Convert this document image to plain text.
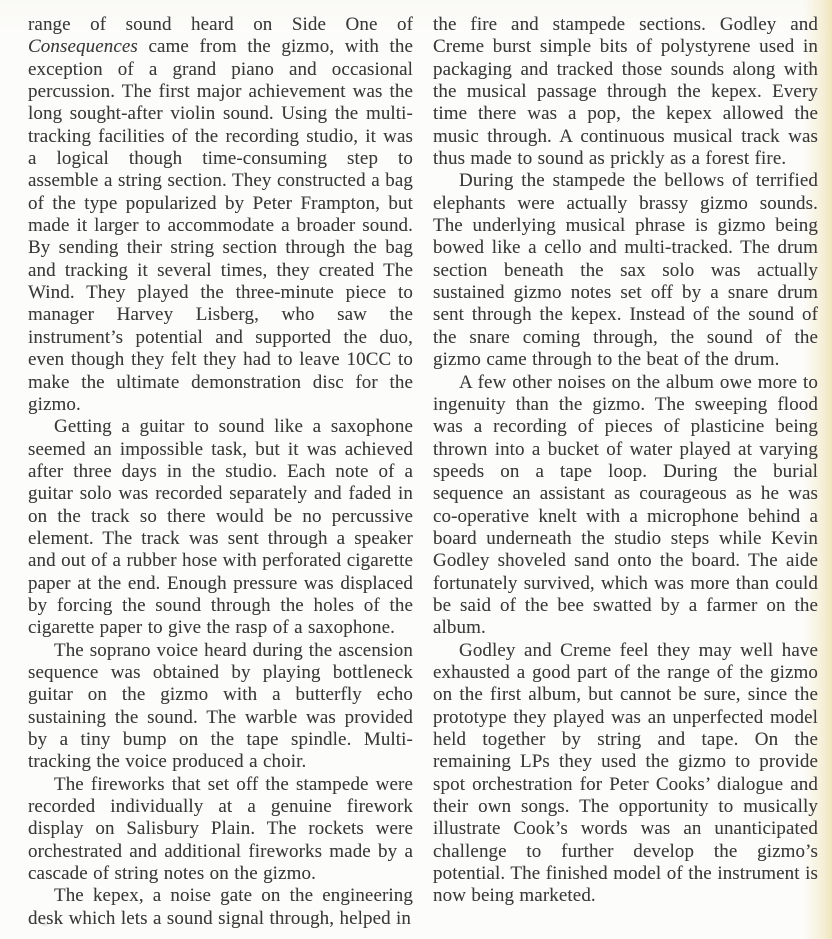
range of sound heard on Side One of Consequences came from the gizmo, with the exception of a grand piano and occasional percussion. The first major achievement was the long sought-after violin sound. Using the multi-tracking facilities of the recording studio, it was a logical though time-consuming step to assemble a string section. They constructed a bag of the type popularized by Peter Frampton, but made it larger to accommodate a broader sound. By sending their string section through the bag and tracking it several times, they created The Wind. They played the three-minute piece to manager Harvey Lisberg, who saw the instrument’s potential and supported the duo, even though they felt they had to leave 10CC to make the ultimate demonstration disc for the gizmo.

Getting a guitar to sound like a saxophone seemed an impossible task, but it was achieved after three days in the studio. Each note of a guitar solo was recorded separately and faded in on the track so there would be no percussive element. The track was sent through a speaker and out of a rubber hose with perforated cigarette paper at the end. Enough pressure was displaced by forcing the sound through the holes of the cigarette paper to give the rasp of a saxophone.

The soprano voice heard during the ascension sequence was obtained by playing bottleneck guitar on the gizmo with a butterfly echo sustaining the sound. The warble was provided by a tiny bump on the tape spindle. Multi-tracking the voice produced a choir.

The fireworks that set off the stampede were recorded individually at a genuine firework display on Salisbury Plain. The rockets were orchestrated and additional fireworks made by a cascade of string notes on the gizmo.

The kepex, a noise gate on the engineering desk which lets a sound signal through, helped in

the fire and stampede sections. Godley and Creme burst simple bits of polystyrene used in packaging and tracked those sounds along with the musical passage through the kepex. Every time there was a pop, the kepex allowed the music through. A continuous musical track was thus made to sound as prickly as a forest fire.

During the stampede the bellows of terrified elephants were actually brassy gizmo sounds. The underlying musical phrase is gizmo being bowed like a cello and multi-tracked. The drum section beneath the sax solo was actually sustained gizmo notes set off by a snare drum sent through the kepex. Instead of the sound of the snare coming through, the sound of the gizmo came through to the beat of the drum.

A few other noises on the album owe more to ingenuity than the gizmo. The sweeping flood was a recording of pieces of plasticine being thrown into a bucket of water played at varying speeds on a tape loop. During the burial sequence an assistant as courageous as he was co-operative knelt with a microphone behind a board underneath the studio steps while Kevin Godley shoveled sand onto the board. The aide fortunately survived, which was more than could be said of the bee swatted by a farmer on the album.

Godley and Creme feel they may well have exhausted a good part of the range of the gizmo on the first album, but cannot be sure, since the prototype they played was an unperfected model held together by string and tape. On the remaining LPs they used the gizmo to provide spot orchestration for Peter Cooks’ dialogue and their own songs. The opportunity to musically illustrate Cook’s words was an unanticipated challenge to further develop the gizmo’s potential. The finished model of the instrument is now being marketed.
